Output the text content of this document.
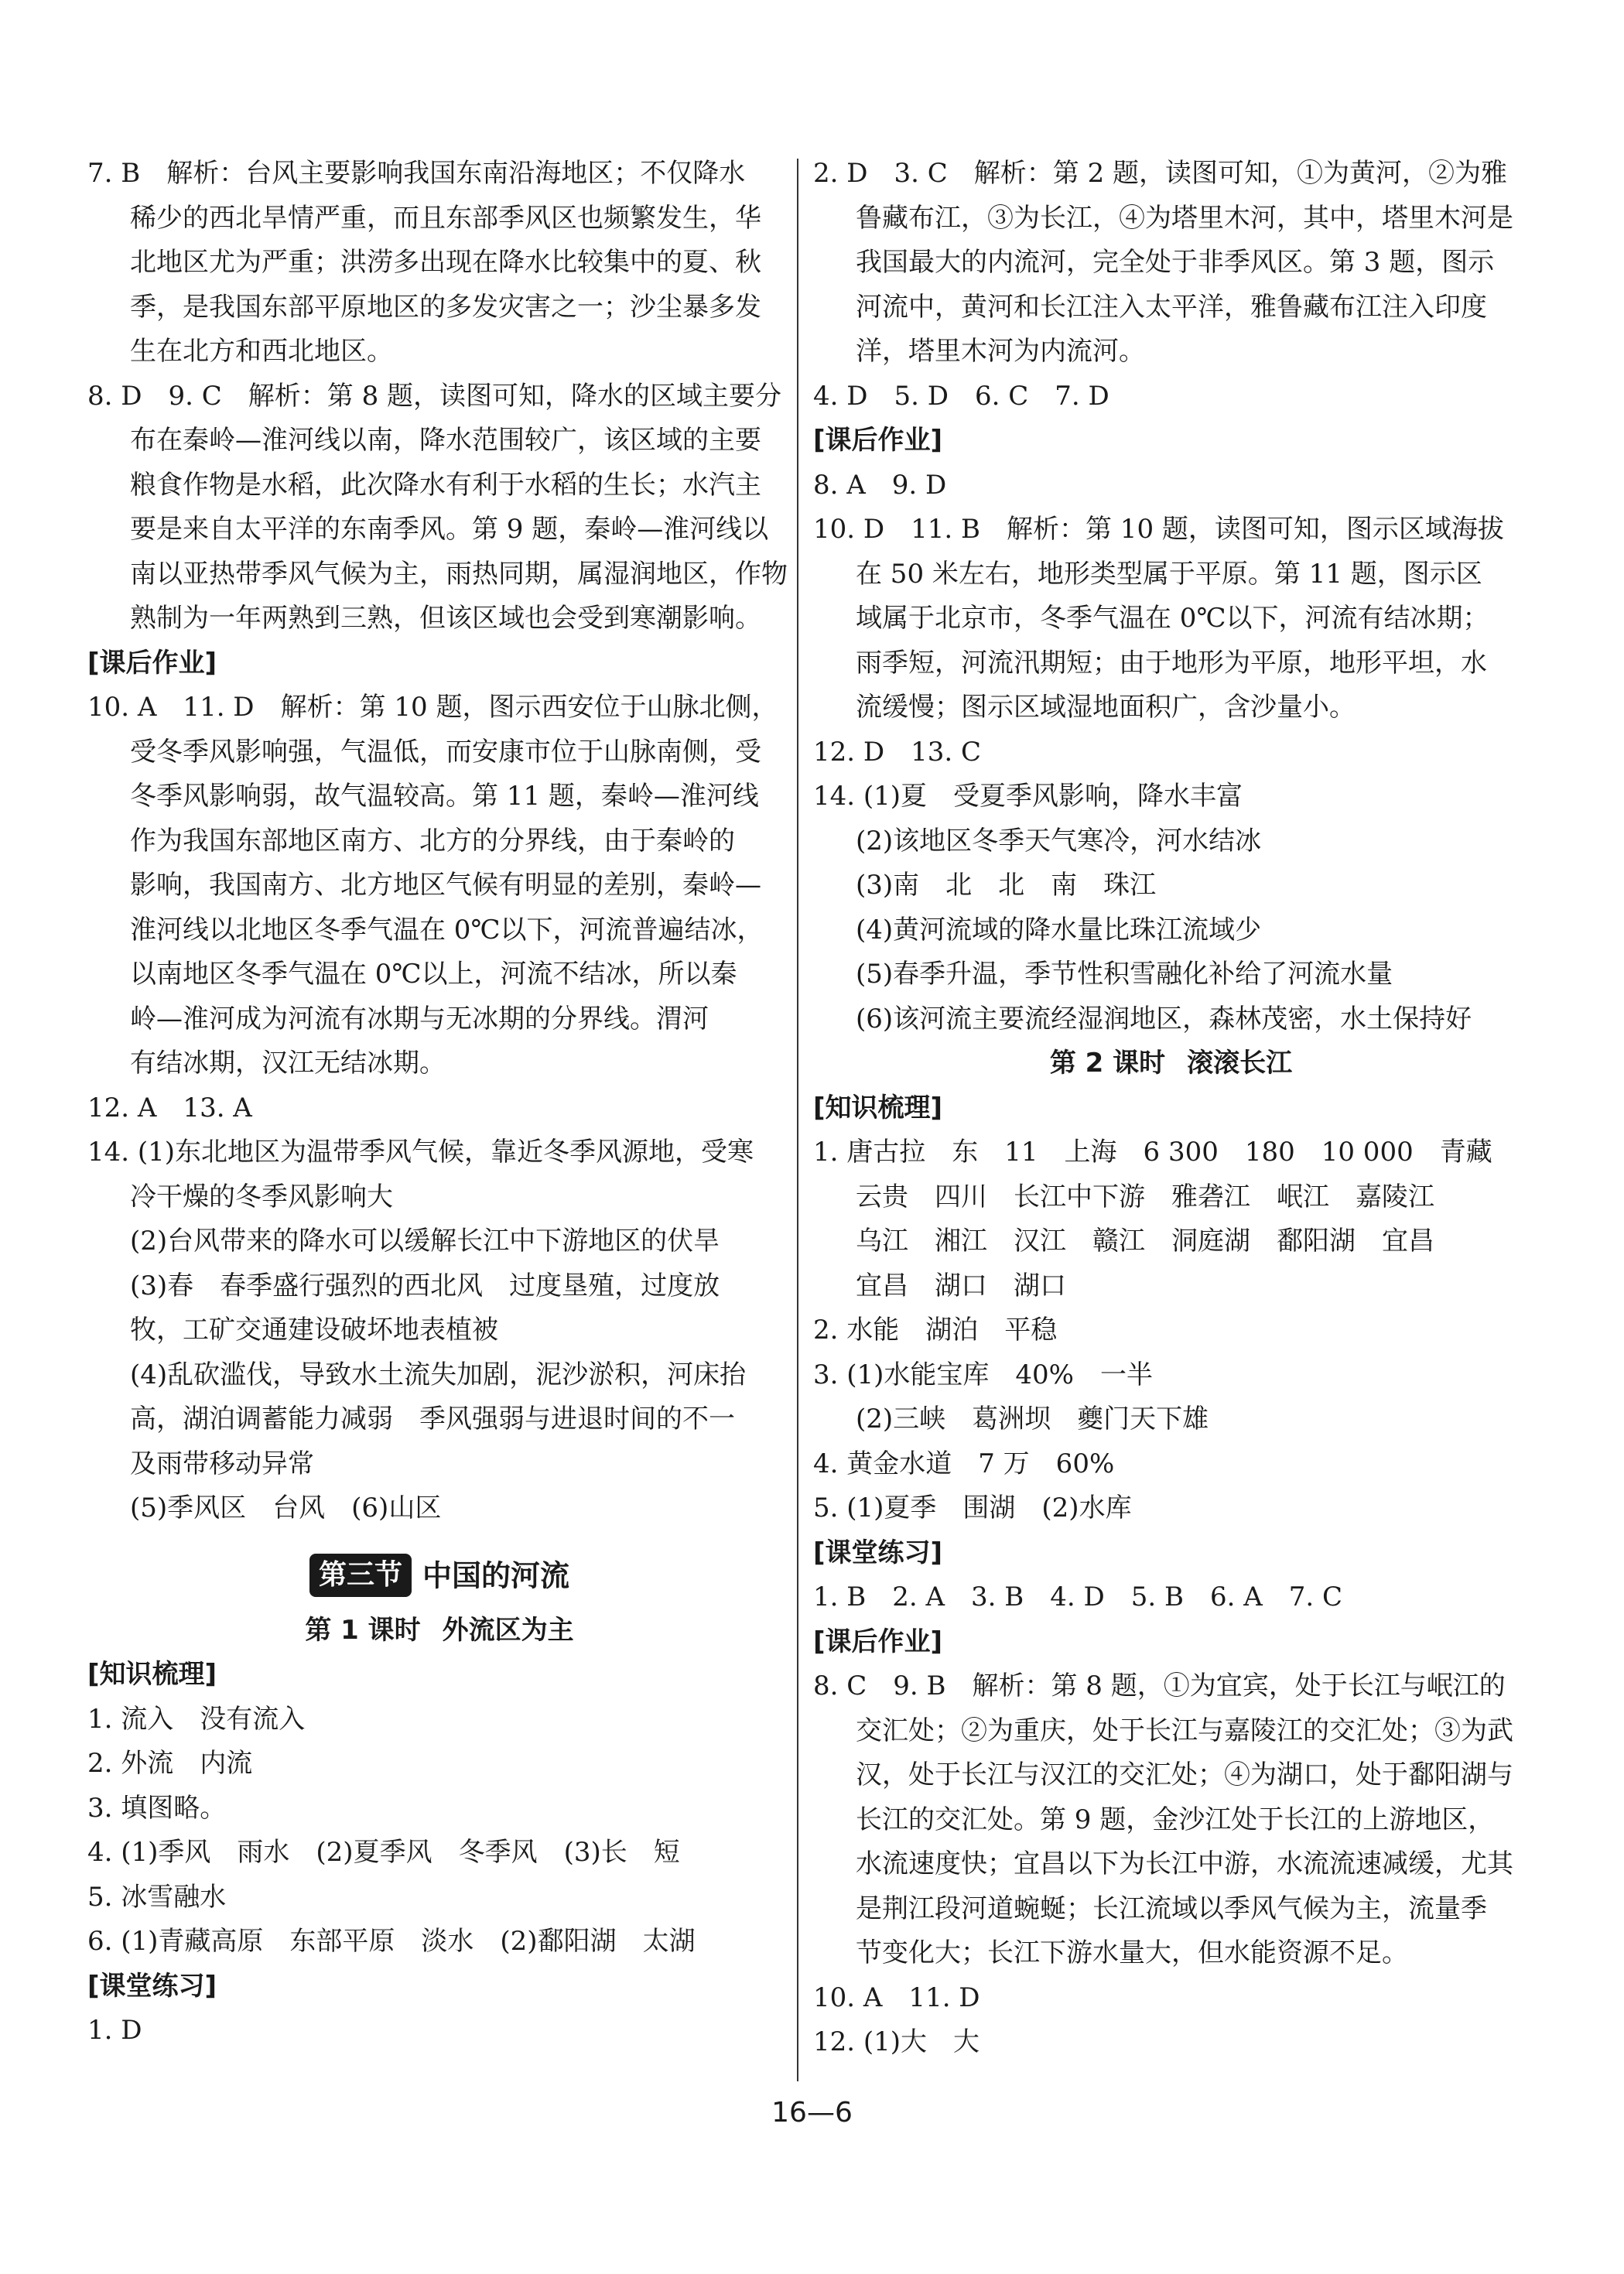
7. B　解析：台风主要影响我国东南沿海地区；不仅降水
稀少的西北旱情严重，而且东部季风区也频繁发生，华
北地区尤为严重；洪涝多出现在降水比较集中的夏、秋
季，是我国东部平原地区的多发灾害之一；沙尘暴多发
生在北方和西北地区。
8. D　9. C　解析：第 8 题，读图可知，降水的区域主要分
布在秦岭—淮河线以南，降水范围较广，该区域的主要
粮食作物是水稻，此次降水有利于水稻的生长；水汽主
要是来自太平洋的东南季风。第 9 题，秦岭—淮河线以
南以亚热带季风气候为主，雨热同期，属湿润地区，作物
熟制为一年两熟到三熟，但该区域也会受到寒潮影响。
[ 课后作业 ]
10. A　11. D　解析：第 10 题，图示西安位于山脉北侧，
受冬季风影响强，气温低，而安康市位于山脉南侧，受
冬季风影响弱，故气温较高。第 11 题，秦岭—淮河线
作为我国东部地区南方、北方的分界线，由于秦岭的
影响，我国南方、北方地区气候有明显的差别，秦岭—
淮河线以北地区冬季气温在 0℃以下，河流普遍结冰，
以南地区冬季气温在 0℃以上，河流不结冰，所以秦
岭—淮河成为河流有冰期与无冰期的分界线。渭河
有结冰期，汉江无结冰期。
12. A　13. A
14. (1)东北地区为温带季风气候，靠近冬季风源地，受寒
冷干燥的冬季风影响大
(2)台风带来的降水可以缓解长江中下游地区的伏旱
(3)春　春季盛行强烈的西北风　过度垦殖，过度放
牧，工矿交通建设破坏地表植被
(4)乱砍滥伐，导致水土流失加剧，泥沙淤积，河床抬
高，湖泊调蓄能力减弱　季风强弱与进退时间的不一
及雨带移动异常
(5)季风区　台风　(6)山区
第三节 中国的河流
第 1 课时 外流区为主
[ 知识梳理 ]
1. 流入　没有流入
2. 外流　内流
3. 填图略。
4. (1)季风　雨水　(2)夏季风　冬季风　(3)长　短
5. 冰雪融水
6. (1)青藏高原　东部平原　淡水　(2)鄱阳湖　太湖
[ 课堂练习 ]
1. D
2. D　3. C　解析：第 2 题，读图可知，①为黄河，②为雅
鲁藏布江，③为长江，④为塔里木河，其中，塔里木河是
我国最大的内流河，完全处于非季风区。第 3 题，图示
河流中，黄河和长江注入太平洋，雅鲁藏布江注入印度
洋，塔里木河为内流河。
4. D　5. D　6. C　7. D
[ 课后作业 ]
8. A　9. D
10. D　11. B　解析：第 10 题，读图可知，图示区域海拔
在 50 米左右，地形类型属于平原。第 11 题，图示区
域属于北京市，冬季气温在 0℃以下，河流有结冰期；
雨季短，河流汛期短；由于地形为平原，地形平坦，水
流缓慢；图示区域湿地面积广，含沙量小。
12. D　13. C
14. (1)夏　受夏季风影响，降水丰富
(2)该地区冬季天气寒冷，河水结冰
(3)南　北　北　南　珠江
(4)黄河流域的降水量比珠江流域少
(5)春季升温，季节性积雪融化补给了河流水量
(6)该河流主要流经湿润地区，森林茂密，水土保持好
第 2 课时 滚滚长江
[ 知识梳理 ]
1. 唐古拉　东　11　上海　6 300　180　10 000　青藏
云贵　四川　长江中下游　雅砻江　岷江　嘉陵江
乌江　湘江　汉江　赣江　洞庭湖　鄱阳湖　宜昌
宜昌　湖口　湖口
2. 水能　湖泊　平稳
3. (1)水能宝库　40%　一半
(2)三峡　葛洲坝　夔门天下雄
4. 黄金水道　7 万　60%
5. (1)夏季　围湖　(2)水库
[ 课堂练习 ]
1. B　2. A　3. B　4. D　5. B　6. A　7. C
[ 课后作业 ]
8. C　9. B　解析：第 8 题，①为宜宾，处于长江与岷江的
交汇处；②为重庆，处于长江与嘉陵江的交汇处；③为武
汉，处于长江与汉江的交汇处；④为湖口，处于鄱阳湖与
长江的交汇处。第 9 题，金沙江处于长江的上游地区，
水流速度快；宜昌以下为长江中游，水流流速减缓，尤其
是荆江段河道蜿蜒；长江流域以季风气候为主，流量季
节变化大；长江下游水量大，但水能资源不足。
10. A　11. D
12. (1)大　大
16—6
